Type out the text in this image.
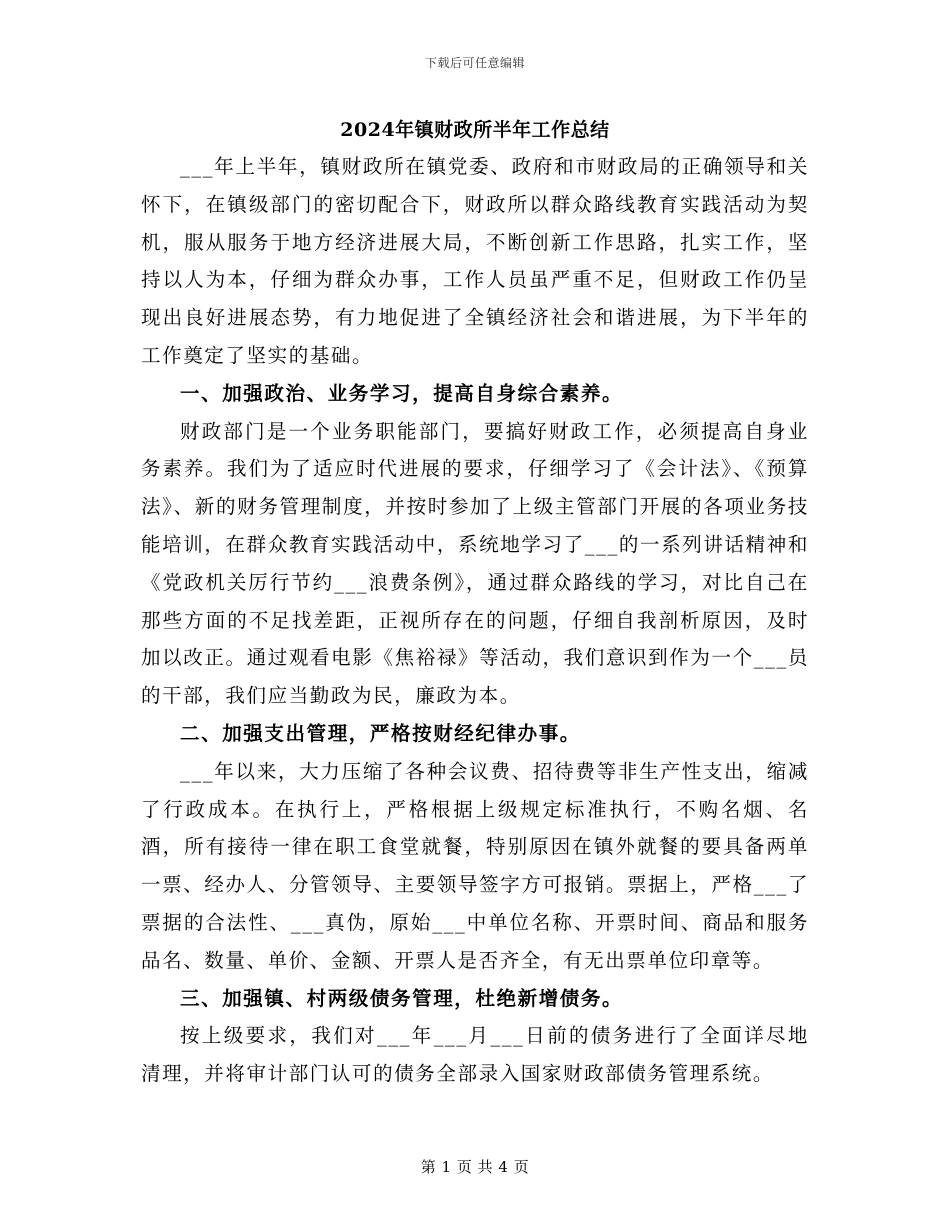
下载后可任意编辑
2024年镇财政所半年工作总结

___年上半年，镇财政所在镇党委、政府和市财政局的正确领导和关怀下，在镇级部门的密切配合下，财政所以群众路线教育实践活动为契机，服从服务于地方经济进展大局，不断创新工作思路，扎实工作，坚持以人为本，仔细为群众办事，工作人员虽严重不足，但财政工作仍呈现出良好进展态势，有力地促进了全镇经济社会和谐进展，为下半年的工作奠定了坚实的基础。

一、加强政治、业务学习，提高自身综合素养。

财政部门是一个业务职能部门，要搞好财政工作，必须提高自身业务素养。我们为了适应时代进展的要求，仔细学习了《会计法》、《预算法》、新的财务管理制度，并按时参加了上级主管部门开展的各项业务技能培训，在群众教育实践活动中，系统地学习了___的一系列讲话精神和《党政机关厉行节约___浪费条例》，通过群众路线的学习，对比自己在那些方面的不足找差距，正视所存在的问题，仔细自我剖析原因，及时加以改正。通过观看电影《焦裕禄》等活动，我们意识到作为一个___员的干部，我们应当勤政为民，廉政为本。

二、加强支出管理，严格按财经纪律办事。

___年以来，大力压缩了各种会议费、招待费等非生产性支出，缩减了行政成本。在执行上，严格根据上级规定标准执行，不购名烟、名酒，所有接待一律在职工食堂就餐，特别原因在镇外就餐的要具备两单一票、经办人、分管领导、主要领导签字方可报销。票据上，严格___了票据的合法性、___真伪，原始___中单位名称、开票时间、商品和服务品名、数量、单价、金额、开票人是否齐全，有无出票单位印章等。

三、加强镇、村两级债务管理，杜绝新增债务。

按上级要求，我们对___年___月___日前的债务进行了全面详尽地清理，并将审计部门认可的债务全部录入国家财政部债务管理系统。

第 1 页 共 4 页
